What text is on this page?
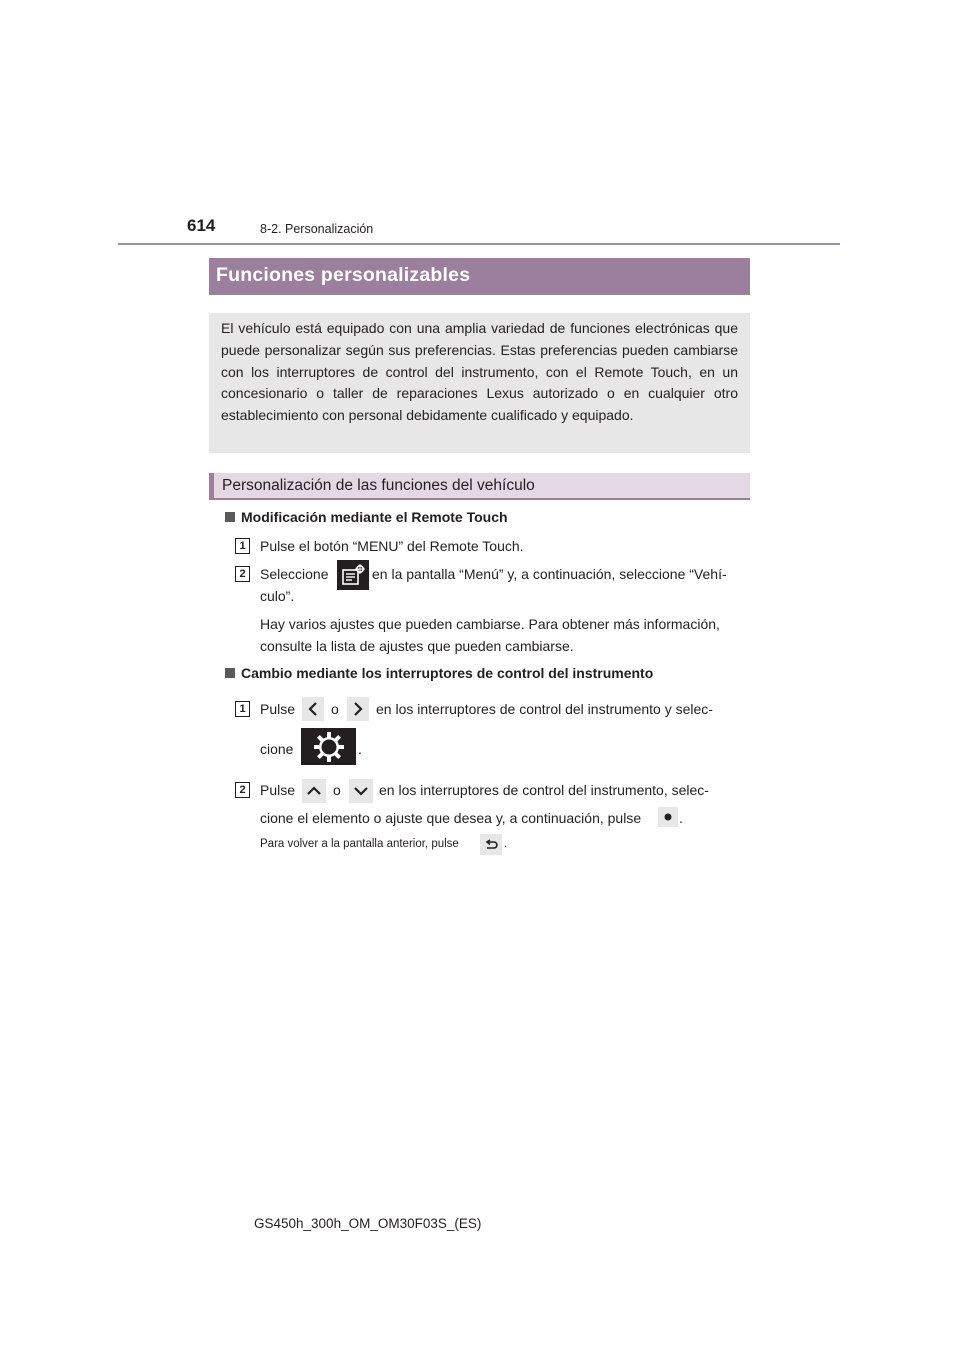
614	8-2. Personalización
Funciones personalizables

El vehículo está equipado con una amplia variedad de funciones electrónicas que puede personalizar según sus preferencias. Estas preferencias pueden cambiarse con los interruptores de control del instrumento, con el Remote Touch, en un concesionario o taller de reparaciones Lexus autorizado o en cualquier otro establecimiento con personal debidamente cualificado y equipado.

Personalización de las funciones del vehículo
Modificación mediante el Remote Touch
1	Pulse el botón “MENU” del Remote Touch.
2	Seleccione	en la pantalla “Menú” y, a continuación, seleccione “Vehí-
culo”.
Hay varios ajustes que pueden cambiarse. Para obtener más información,
consulte la lista de ajustes que pueden cambiarse.
Cambio mediante los interruptores de control del instrumento
1	Pulse	o	en los interruptores de control del instrumento y selec-
cione	.
2	Pulse	o	en los interruptores de control del instrumento, selec-
cione el elemento o ajuste que desea y, a continuación, pulse	.
Para volver a la pantalla anterior, pulse	.
GS450h_300h_OM_OM30F03S_(ES)
